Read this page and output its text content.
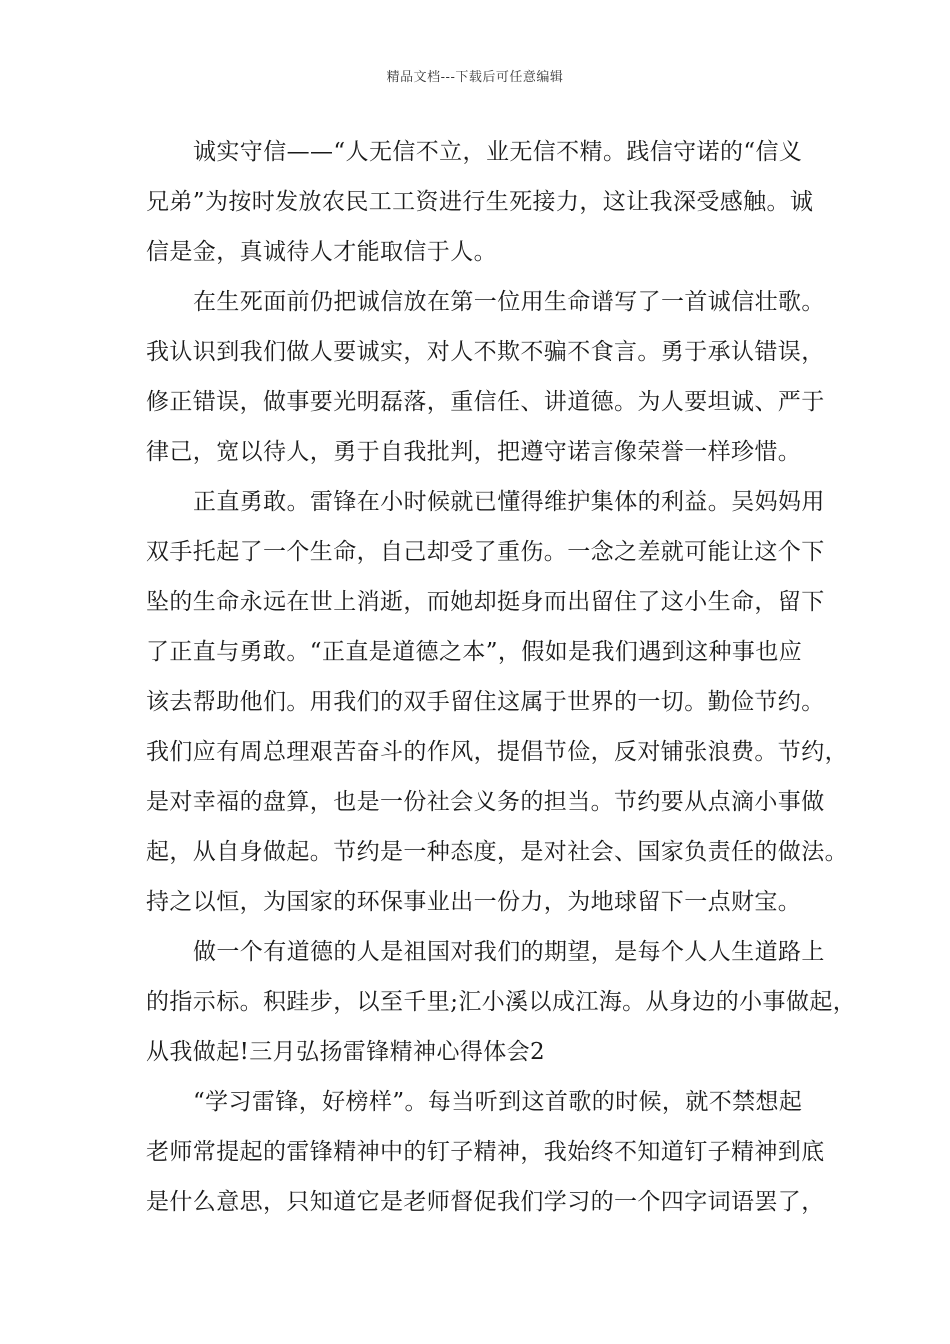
精品文档---下载后可任意编辑
诚实守信——“人无信不立，业无信不精。践信守诺的“信义
兄弟”为按时发放农民工工资进行生死接力，这让我深受感触。诚
信是金，真诚待人才能取信于人。
在生死面前仍把诚信放在第一位用生命谱写了一首诚信壮歌。
我认识到我们做人要诚实，对人不欺不骗不食言。勇于承认错误，
修正错误，做事要光明磊落，重信任、讲道德。为人要坦诚、严于
律己，宽以待人，勇于自我批判，把遵守诺言像荣誉一样珍惜。
正直勇敢。雷锋在小时候就已懂得维护集体的利益。吴妈妈用
双手托起了一个生命，自己却受了重伤。一念之差就可能让这个下
坠的生命永远在世上消逝，而她却挺身而出留住了这小生命，留下
了正直与勇敢。“正直是道德之本”，假如是我们遇到这种事也应
该去帮助他们。用我们的双手留住这属于世界的一切。勤俭节约。
我们应有周总理艰苦奋斗的作风，提倡节俭，反对铺张浪费。节约，
是对幸福的盘算，也是一份社会义务的担当。节约要从点滴小事做
起，从自身做起。节约是一种态度，是对社会、国家负责任的做法。
持之以恒，为国家的环保事业出一份力，为地球留下一点财宝。
做一个有道德的人是祖国对我们的期望，是每个人人生道路上
的指示标。积跬步，以至千里;汇小溪以成江海。从身边的小事做起，
从我做起!三月弘扬雷锋精神心得体会2
“学习雷锋，好榜样”。每当听到这首歌的时候，就不禁想起
老师常提起的雷锋精神中的钉子精神，我始终不知道钉子精神到底
是什么意思，只知道它是老师督促我们学习的一个四字词语罢了，
